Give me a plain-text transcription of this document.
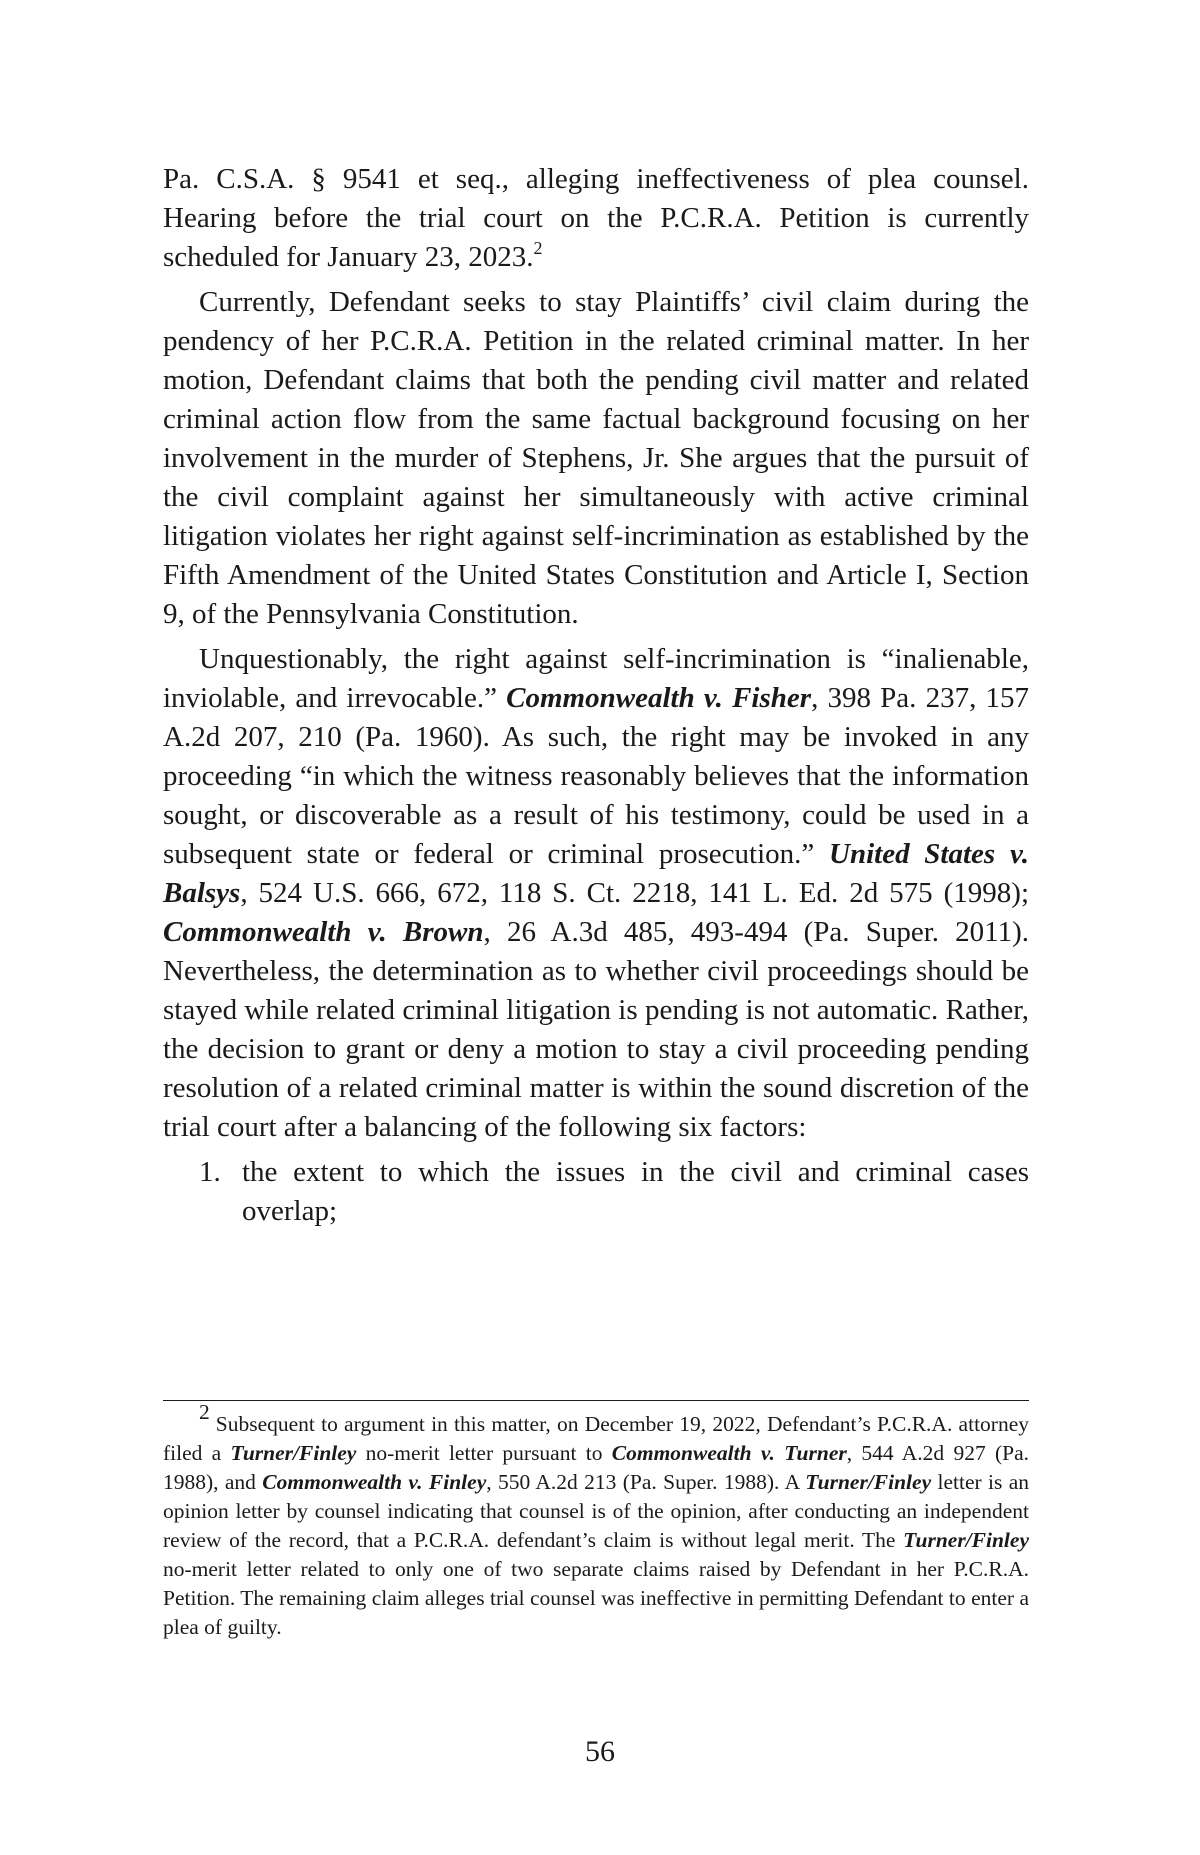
Pa. C.S.A. § 9541 et seq., alleging ineffectiveness of plea counsel. Hearing before the trial court on the P.C.R.A. Petition is currently scheduled for January 23, 2023.$^2$

Currently, Defendant seeks to stay Plaintiffs’ civil claim during the pendency of her P.C.R.A. Petition in the related criminal matter. In her motion, Defendant claims that both the pending civil matter and related criminal action flow from the same factual background focusing on her involvement in the murder of Stephens, Jr. She argues that the pursuit of the civil complaint against her simultaneously with active criminal litigation violates her right against self-incrimination as established by the Fifth Amendment of the United States Constitution and Article I, Section 9, of the Pennsylvania Constitution.

Unquestionably, the right against self-incrimination is “inalienable, inviolable, and irrevocable.” Commonwealth v. Fisher, 398 Pa. 237, 157 A.2d 207, 210 (Pa. 1960). As such, the right may be invoked in any proceeding “in which the witness reasonably believes that the information sought, or discoverable as a result of his testimony, could be used in a subsequent state or federal or criminal prosecution.” United States v. Balsys, 524 U.S. 666, 672, 118 S. Ct. 2218, 141 L. Ed. 2d 575 (1998); Commonwealth v. Brown, 26 A.3d 485, 493-494 (Pa. Super. 2011). Nevertheless, the determination as to whether civil proceedings should be stayed while related criminal litigation is pending is not automatic. Rather, the decision to grant or deny a motion to stay a civil proceeding pending resolution of a related criminal matter is within the sound discretion of the trial court after a balancing of the following six factors:

1. the extent to which the issues in the civil and criminal cases overlap;

$^2$ Subsequent to argument in this matter, on December 19, 2022, Defendant’s P.C.R.A. attorney filed a Turner/Finley no-merit letter pursuant to Commonwealth v. Turner, 544 A.2d 927 (Pa. 1988), and Commonwealth v. Finley, 550 A.2d 213 (Pa. Super. 1988). A Turner/Finley letter is an opinion letter by counsel indicating that counsel is of the opinion, after conducting an independent review of the record, that a P.C.R.A. defendant’s claim is without legal merit. The Turner/Finley no-merit letter related to only one of two separate claims raised by Defendant in her P.C.R.A. Petition. The remaining claim alleges trial counsel was ineffective in permitting Defendant to enter a plea of guilty.

56
